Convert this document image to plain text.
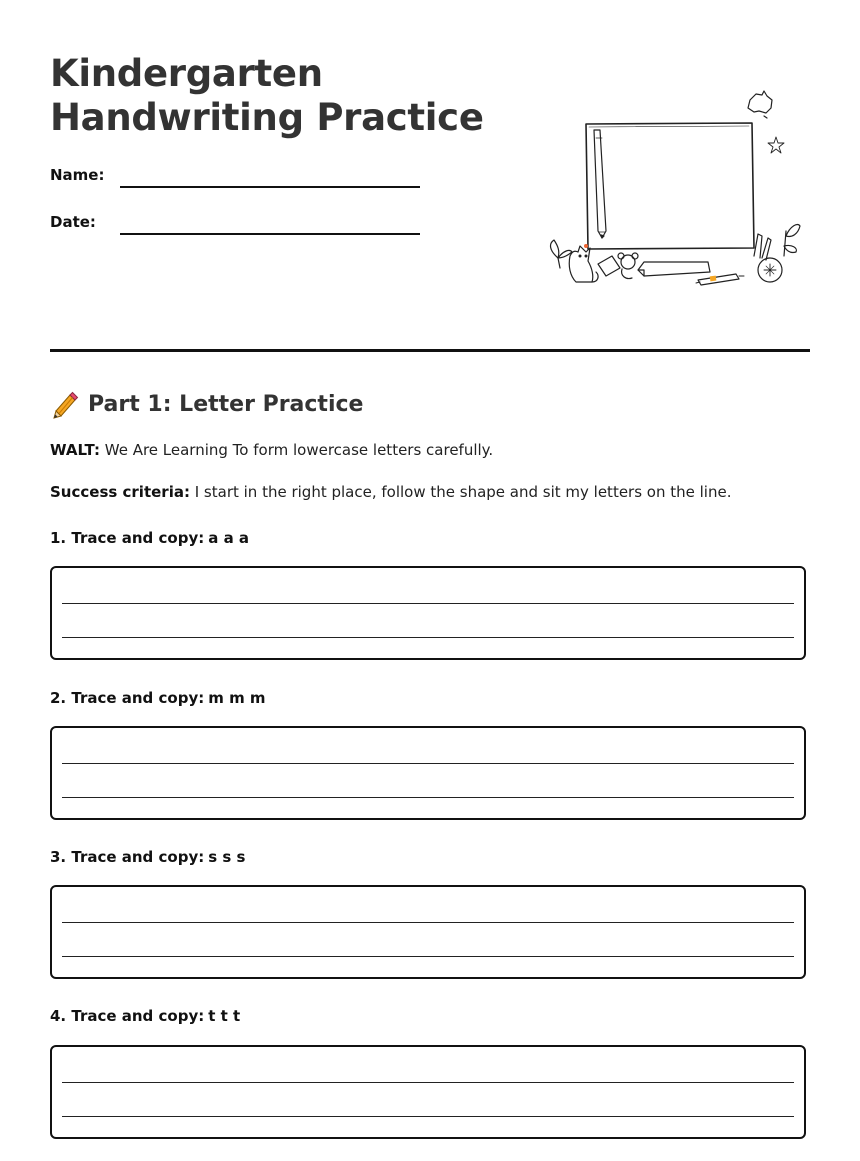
Kindergarten
Handwriting Practice
Name:
Date:
Part 1: Letter Practice

WALT: We Are Learning To form lowercase letters carefully.

Success criteria: I start in the right place, follow the shape and sit my letters on the line.

1. Trace and copy: a a a
2. Trace and copy: m m m
3. Trace and copy: s s s
4. Trace and copy: t t t
